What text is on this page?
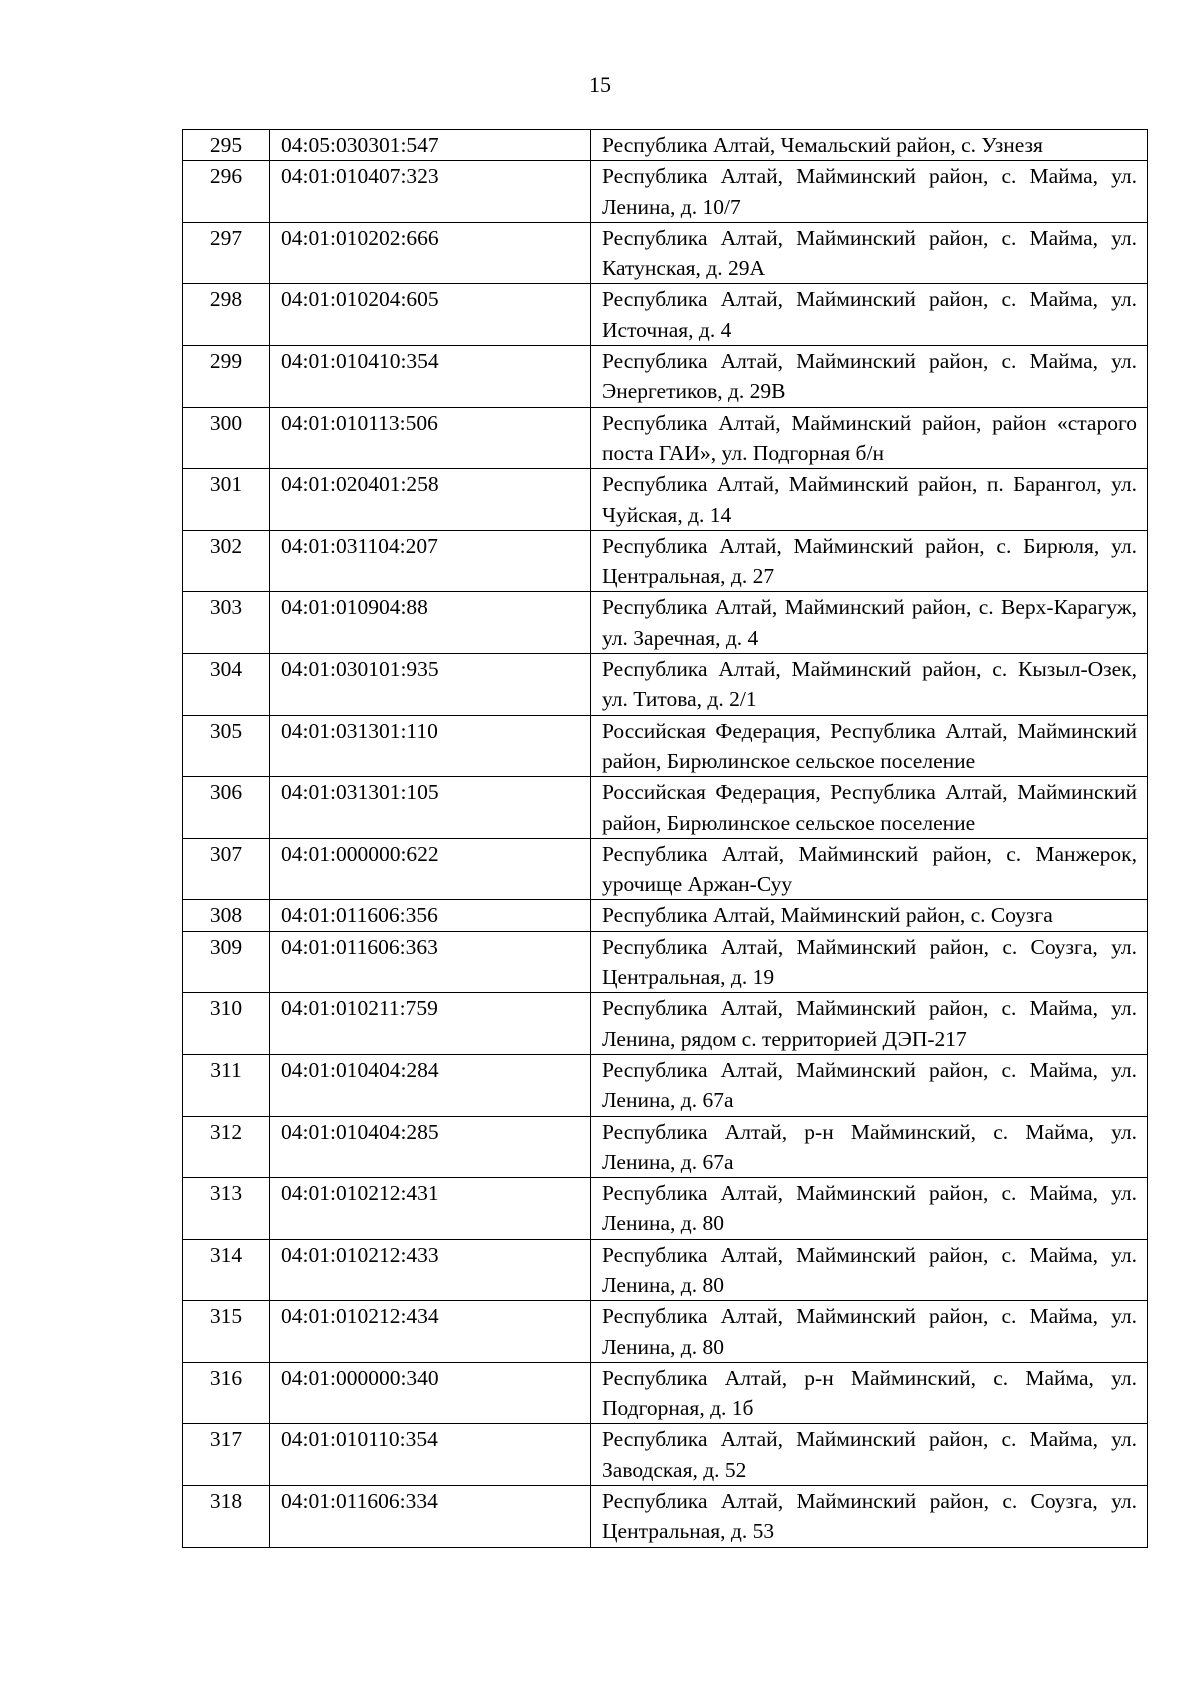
15
295	04:05:030301:547	Республика Алтай, Чемальский район, с. Узнезя
296	04:01:010407:323	Республика Алтай, Майминский район, с. Майма, ул. Ленина, д. 10/7
297	04:01:010202:666	Республика Алтай, Майминский район, с. Майма, ул. Катунская, д. 29А
298	04:01:010204:605	Республика Алтай, Майминский район, с. Майма, ул. Источная, д. 4
299	04:01:010410:354	Республика Алтай, Майминский район, с. Майма, ул. Энергетиков, д. 29В
300	04:01:010113:506	Республика Алтай, Майминский район, район «старого поста ГАИ», ул. Подгорная б/н
301	04:01:020401:258	Республика Алтай, Майминский район, п. Барангол, ул. Чуйская, д. 14
302	04:01:031104:207	Республика Алтай, Майминский район, с. Бирюля, ул. Центральная, д. 27
303	04:01:010904:88	Республика Алтай, Майминский район, с. Верх-Карагуж, ул. Заречная, д. 4
304	04:01:030101:935	Республика Алтай, Майминский район, с. Кызыл-Озек, ул. Титова, д. 2/1
305	04:01:031301:110	Российская Федерация, Республика Алтай, Майминский район, Бирюлинское сельское поселение
306	04:01:031301:105	Российская Федерация, Республика Алтай, Майминский район, Бирюлинское сельское поселение
307	04:01:000000:622	Республика Алтай, Майминский район, с. Манжерок, урочище Аржан-Суу
308	04:01:011606:356	Республика Алтай, Майминский район, с. Соузга
309	04:01:011606:363	Республика Алтай, Майминский район, с. Соузга, ул. Центральная, д. 19
310	04:01:010211:759	Республика Алтай, Майминский район, с. Майма, ул. Ленина, рядом с. территорией ДЭП-217
311	04:01:010404:284	Республика Алтай, Майминский район, с. Майма, ул. Ленина, д. 67а
312	04:01:010404:285	Республика Алтай, р-н Майминский, с. Майма, ул. Ленина, д. 67а
313	04:01:010212:431	Республика Алтай, Майминский район, с. Майма, ул. Ленина, д. 80
314	04:01:010212:433	Республика Алтай, Майминский район, с. Майма, ул. Ленина, д. 80
315	04:01:010212:434	Республика Алтай, Майминский район, с. Майма, ул. Ленина, д. 80
316	04:01:000000:340	Республика Алтай, р-н Майминский, с. Майма, ул. Подгорная, д. 1б
317	04:01:010110:354	Республика Алтай, Майминский район, с. Майма, ул. Заводская, д. 52
318	04:01:011606:334	Республика Алтай, Майминский район, с. Соузга, ул. Центральная, д. 53
